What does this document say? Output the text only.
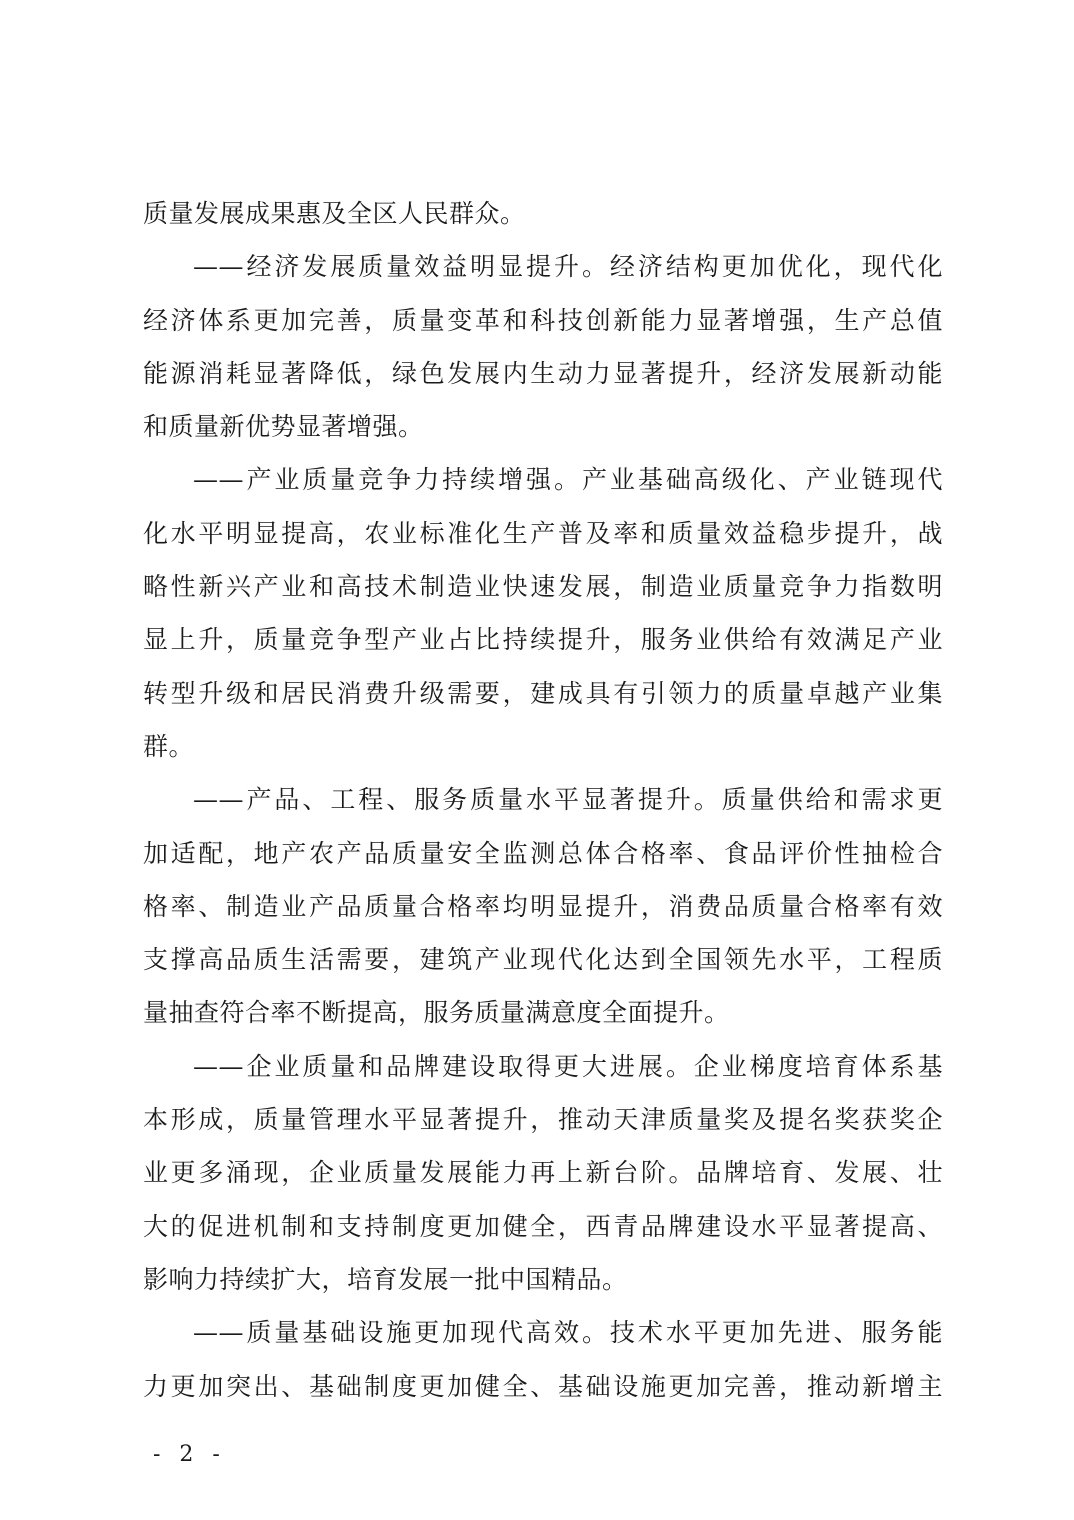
质量发展成果惠及全区人民群众。
——经济发展质量效益明显提升。经济结构更加优化，现代化
经济体系更加完善，质量变革和科技创新能力显著增强，生产总值
能源消耗显著降低，绿色发展内生动力显著提升，经济发展新动能
和质量新优势显著增强。
——产业质量竞争力持续增强。产业基础高级化、产业链现代
化水平明显提高，农业标准化生产普及率和质量效益稳步提升，战
略性新兴产业和高技术制造业快速发展，制造业质量竞争力指数明
显上升，质量竞争型产业占比持续提升，服务业供给有效满足产业
转型升级和居民消费升级需要，建成具有引领力的质量卓越产业集
群。
——产品、工程、服务质量水平显著提升。质量供给和需求更
加适配，地产农产品质量安全监测总体合格率、食品评价性抽检合
格率、制造业产品质量合格率均明显提升，消费品质量合格率有效
支撑高品质生活需要，建筑产业现代化达到全国领先水平，工程质
量抽查符合率不断提高，服务质量满意度全面提升。
——企业质量和品牌建设取得更大进展。企业梯度培育体系基
本形成，质量管理水平显著提升，推动天津质量奖及提名奖获奖企
业更多涌现，企业质量发展能力再上新台阶。品牌培育、发展、壮
大的促进机制和支持制度更加健全，西青品牌建设水平显著提高、
影响力持续扩大，培育发展一批中国精品。
——质量基础设施更加现代高效。技术水平更加先进、服务能
力更加突出、基础制度更加健全、基础设施更加完善，推动新增主
- 2 -
